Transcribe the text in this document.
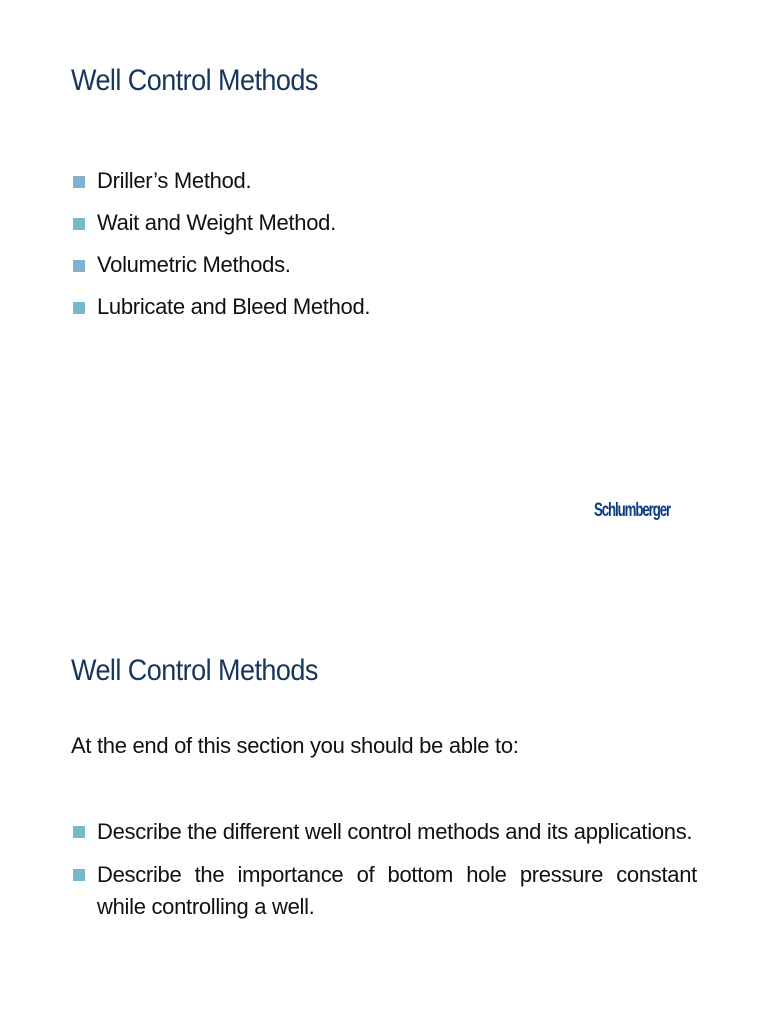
Well Control Methods
Driller’s Method.
Wait and Weight Method.
Volumetric Methods.
Lubricate and Bleed Method.
Schlumberger
Well Control Methods

At the end of this section you should be able to:

Describe the different well control methods and its applications.
Describe the importance of bottom hole pressure constant while controlling a well.
